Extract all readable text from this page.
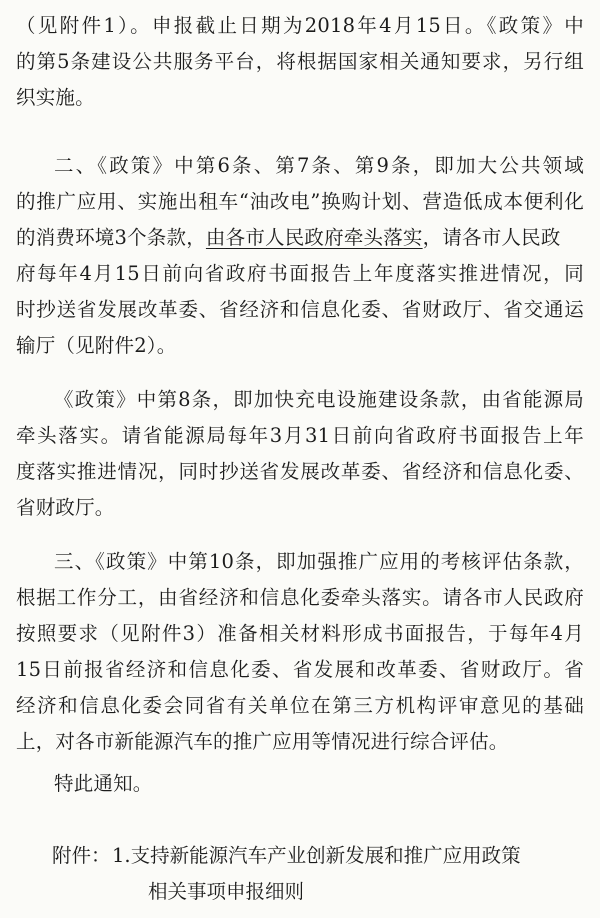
（见附件1）。申报截止日期为2018年4月15日。《政策》中
的第5条建设公共服务平台，将根据国家相关通知要求，另行组
织实施。
二、《政策》中第6条、第7条、第9条，即加大公共领域
的推广应用、实施出租车“油改电”换购计划、营造低成本便利化
的消费环境3个条款，由各市人民政府牵头落实，请各市人民政
府每年4月15日前向省政府书面报告上年度落实推进情况，同
时抄送省发展改革委、省经济和信息化委、省财政厅、省交通运
输厅（见附件2）。
《政策》中第8条，即加快充电设施建设条款，由省能源局
牵头落实。请省能源局每年3月31日前向省政府书面报告上年
度落实推进情况，同时抄送省发展改革委、省经济和信息化委、
省财政厅。
三、《政策》中第10条，即加强推广应用的考核评估条款，
根据工作分工，由省经济和信息化委牵头落实。请各市人民政府
按照要求（见附件3）准备相关材料形成书面报告，于每年4月
15日前报省经济和信息化委、省发展和改革委、省财政厅。省
经济和信息化委会同省有关单位在第三方机构评审意见的基础
上，对各市新能源汽车的推广应用等情况进行综合评估。
特此通知。
附件： 1.支持新能源汽车产业创新发展和推广应用政策
相关事项申报细则
